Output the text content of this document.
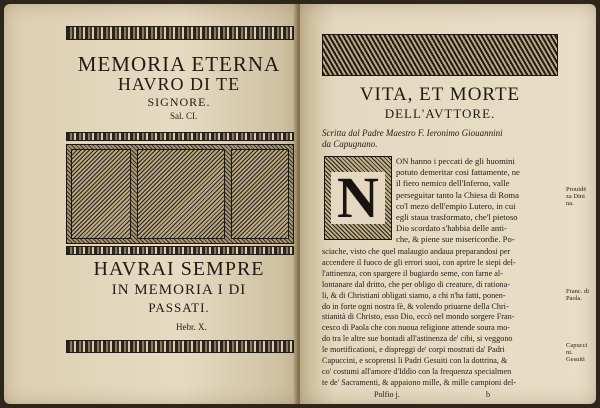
MEMORIA ETERNA
HAVRO DI TE
SIGNORE.
Sal. CI.
HAVRAI SEMPRE
IN MEMORIA I DI
PASSATI.
Hebr. X.
VITA, ET MORTE
DELL'AVTTORE.
Scritta dal Padre Maestro F. Ieronimo Giouannini
da Capugnano.
N

ON hanno i peccati de gli huomini

potuto demeritar cosi fattamente, ne

il fiero nemico dell'Inferno, valle

perseguitar tanto la Chiesa di Roma

co'l mezo dell'empio Lutero, in cui

egli staua trasformato, che'l pietoso

Dio scordato s'habbia delle anti-

che, & piene sue misericordie. Po-

sciache, visto che quel malaugio andaua preparandosi per

accendere il fuoco de gli errori suoi, con aprire le siepi del-

l'attinenza, con spargere il bugiardo seme, con farne al-

lontanare dal dritto, che per obligo di creature, di rationa-

li, & di Christiani obligati siamo, a chi n'ha fatti, ponen-

do in forte ogni nostra fè, & volendo priuarne della Chri-

stianità di Christo, esso Dio, eccò nel mondo sorgere Fran-

cesco di Paola che con nuoua religione attende soura mo-

do tra le altre sue bontadi all'astinenza de' cibi, si veggono

le mortificationi, e dispreggi de' corpi mostrati da' Padri

Capuccini, e scoprensi li Padri Gesuiti con la dottrina, &

co' costumi all'amore d'Iddio con la frequenza specialmen

te de' Sacramenti, & appaiono mille, & mille campioni del-

Polfio j.	b
Prouidē za Dini na.
Franc. di Paola.
Capucci ni. Gesuiti
